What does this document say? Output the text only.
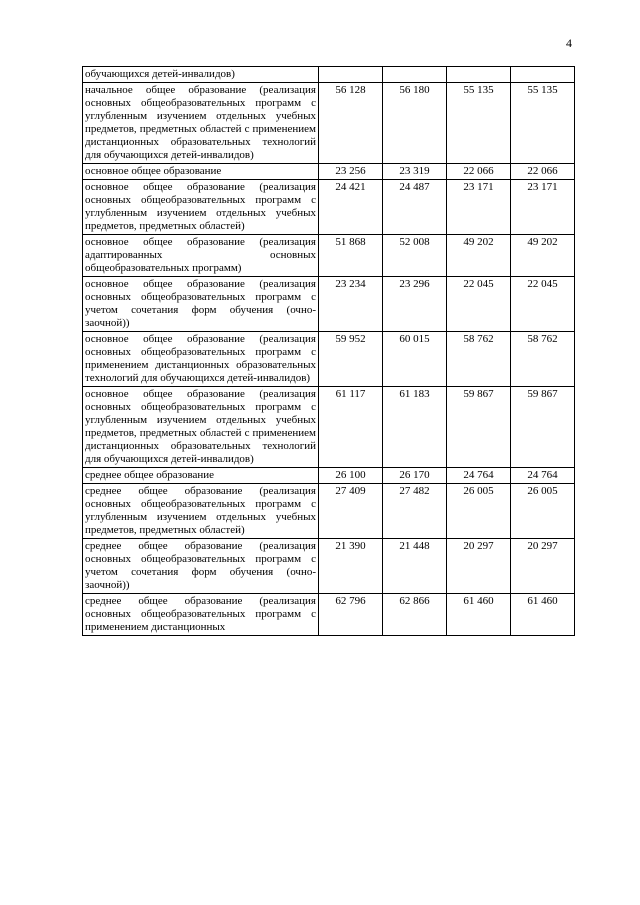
4
обучающихся детей-инвалидов)				
начальное общее образование (реализация основных общеобразовательных программ с углубленным изучением отдельных учебных предметов, предметных областей с применением дистанционных образовательных технологий для обучающихся детей-инвалидов)	56 128	56 180	55 135	55 135
основное общее образование	23 256	23 319	22 066	22 066
основное общее образование (реализация основных общеобразовательных программ с углубленным изучением отдельных учебных предметов, предметных областей)	24 421	24 487	23 171	23 171
основное общее образование (реализация адаптированных основных общеобразовательных программ)	51 868	52 008	49 202	49 202
основное общее образование (реализация основных общеобразовательных программ с учетом сочетания форм обучения (очно-заочной))	23 234	23 296	22 045	22 045
основное общее образование (реализация основных общеобразовательных программ с применением дистанционных образовательных технологий для обучающихся детей-инвалидов)	59 952	60 015	58 762	58 762
основное общее образование (реализация основных общеобразовательных программ с углубленным изучением отдельных учебных предметов, предметных областей с применением дистанционных образовательных технологий для обучающихся детей-инвалидов)	61 117	61 183	59 867	59 867
среднее общее образование	26 100	26 170	24 764	24 764
среднее общее образование (реализация основных общеобразовательных программ с углубленным изучением отдельных учебных предметов, предметных областей)	27 409	27 482	26 005	26 005
среднее общее образование (реализация основных общеобразовательных программ с учетом сочетания форм обучения (очно-заочной))	21 390	21 448	20 297	20 297
среднее общее образование (реализация основных общеобразовательных программ с применением дистанционных	62 796	62 866	61 460	61 460
